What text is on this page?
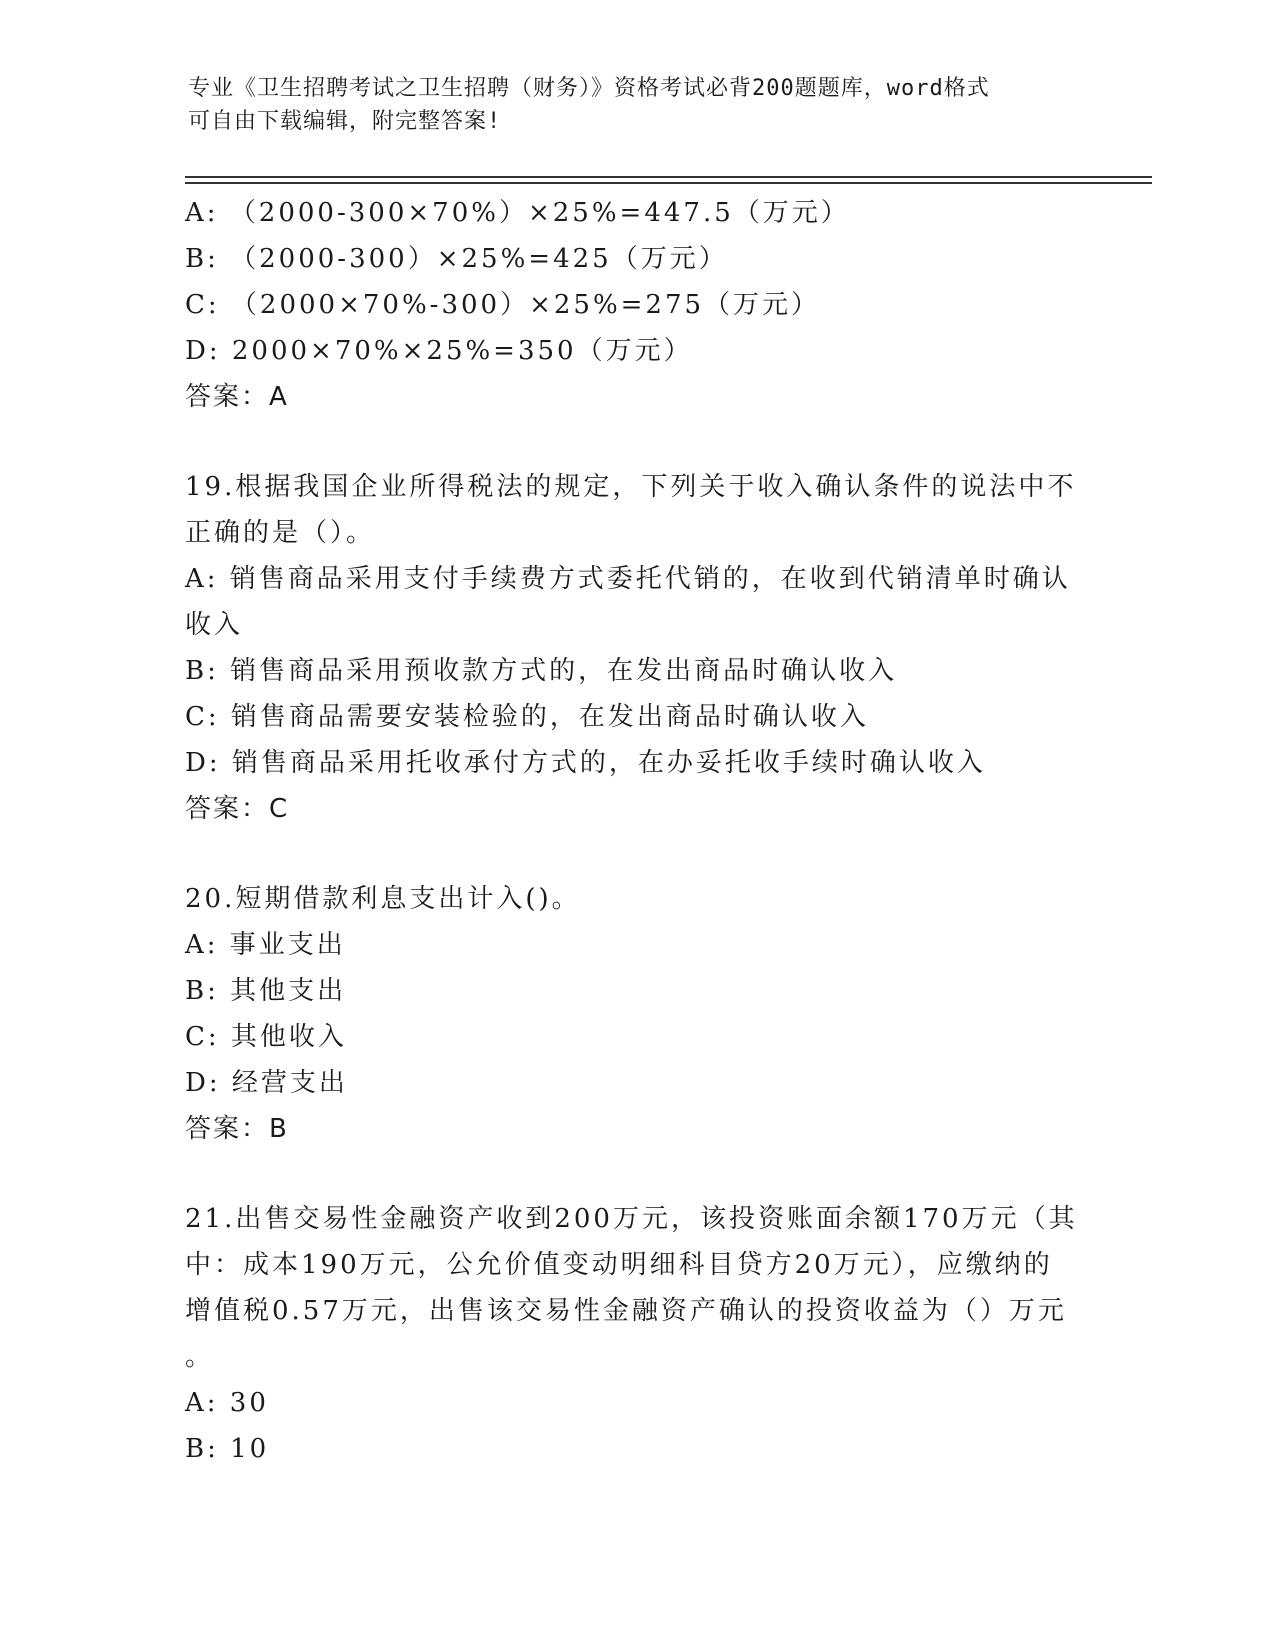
专业《卫生招聘考试之卫生招聘（财务）》资格考试必背200题题库，word格式
可自由下载编辑，附完整答案!
A: （2000-300×70%）×25%=447.5（万元）
B: （2000-300）×25%=425（万元）
C: （2000×70%-300）×25%=275（万元）
D: 2000×70%×25%=350（万元）
答案：A
19.根据我国企业所得税法的规定，下列关于收入确认条件的说法中不
正确的是（）。
A: 销售商品采用支付手续费方式委托代销的，在收到代销清单时确认
收入
B: 销售商品采用预收款方式的，在发出商品时确认收入
C: 销售商品需要安装检验的，在发出商品时确认收入
D: 销售商品采用托收承付方式的，在办妥托收手续时确认收入
答案：C
20.短期借款利息支出计入()。
A: 事业支出
B: 其他支出
C: 其他收入
D: 经营支出
答案：B
21.出售交易性金融资产收到200万元，该投资账面余额170万元（其
中：成本190万元，公允价值变动明细科目贷方20万元），应缴纳的
增值税0.57万元，出售该交易性金融资产确认的投资收益为（）万元
。
A: 30
B: 10
